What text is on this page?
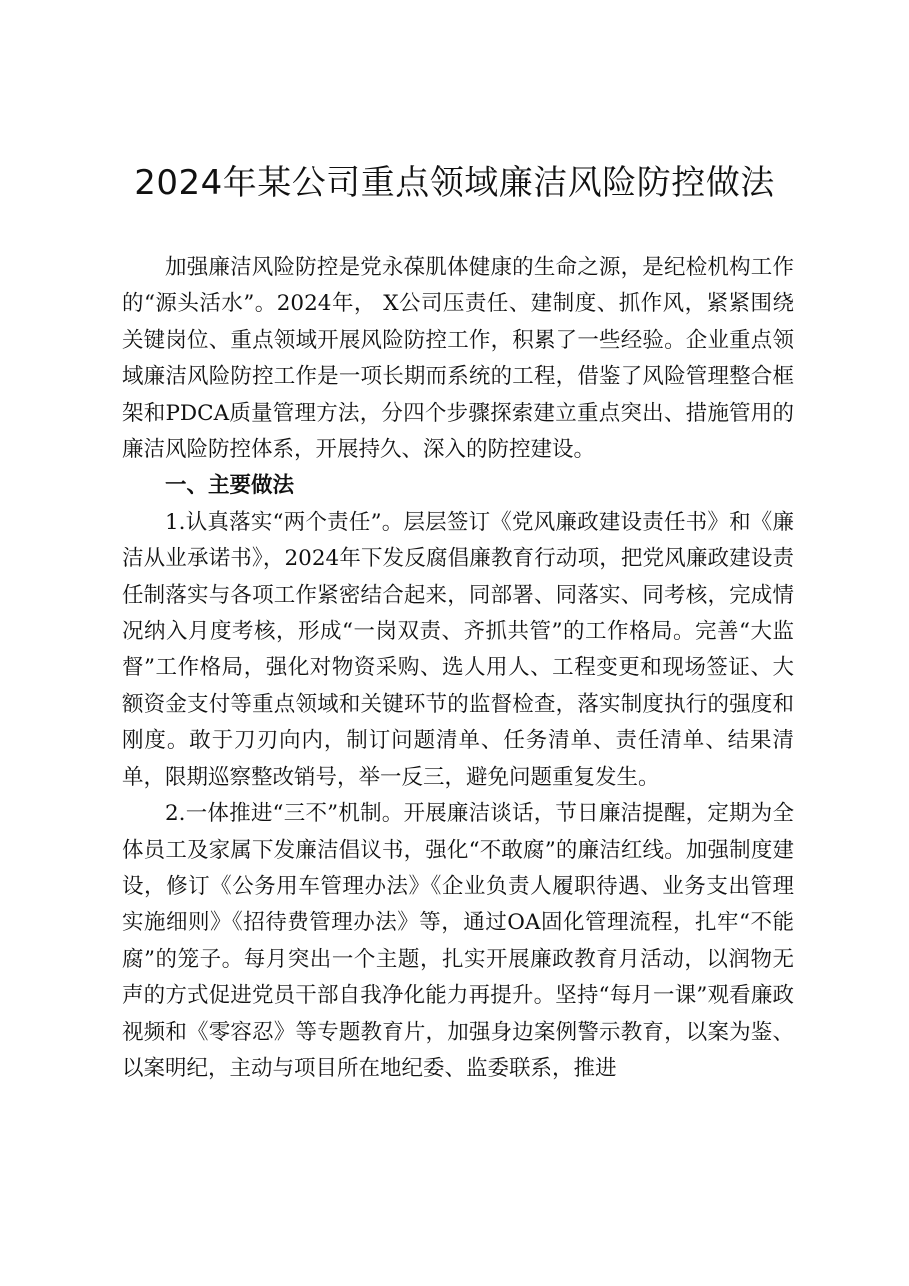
2024年某公司重点领域廉洁风险防控做法

加强廉洁风险防控是党永葆肌体健康的生命之源，是纪检机构工作的“源头活水”。2024年， X公司压责任、建制度、抓作风，紧紧围绕关键岗位、重点领域开展风险防控工作，积累了一些经验。企业重点领域廉洁风险防控工作是一项长期而系统的工程，借鉴了风险管理整合框架和PDCA质量管理方法，分四个步骤探索建立重点突出、措施管用的廉洁风险防控体系，开展持久、深入的防控建设。

一、主要做法

1.认真落实“两个责任”。层层签订《党风廉政建设责任书》和《廉洁从业承诺书》，2024年下发反腐倡廉教育行动项，把党风廉政建设责任制落实与各项工作紧密结合起来，同部署、同落实、同考核，完成情况纳入月度考核，形成“一岗双责、齐抓共管”的工作格局。完善“大监督”工作格局，强化对物资采购、选人用人、工程变更和现场签证、大额资金支付等重点领域和关键环节的监督检查，落实制度执行的强度和刚度。敢于刀刃向内，制订问题清单、任务清单、责任清单、结果清单，限期巡察整改销号，举一反三，避免问题重复发生。

2.一体推进“三不”机制。开展廉洁谈话，节日廉洁提醒，定期为全体员工及家属下发廉洁倡议书，强化“不敢腐”的廉洁红线。加强制度建设，修订《公务用车管理办法》《企业负责人履职待遇、业务支出管理实施细则》《招待费管理办法》等，通过OA固化管理流程，扎牢“不能腐”的笼子。每月突出一个主题，扎实开展廉政教育月活动，以润物无声的方式促进党员干部自我净化能力再提升。坚持“每月一课”观看廉政视频和《零容忍》等专题教育片，加强身边案例警示教育，以案为鉴、以案明纪，主动与项目所在地纪委、监委联系，推进
